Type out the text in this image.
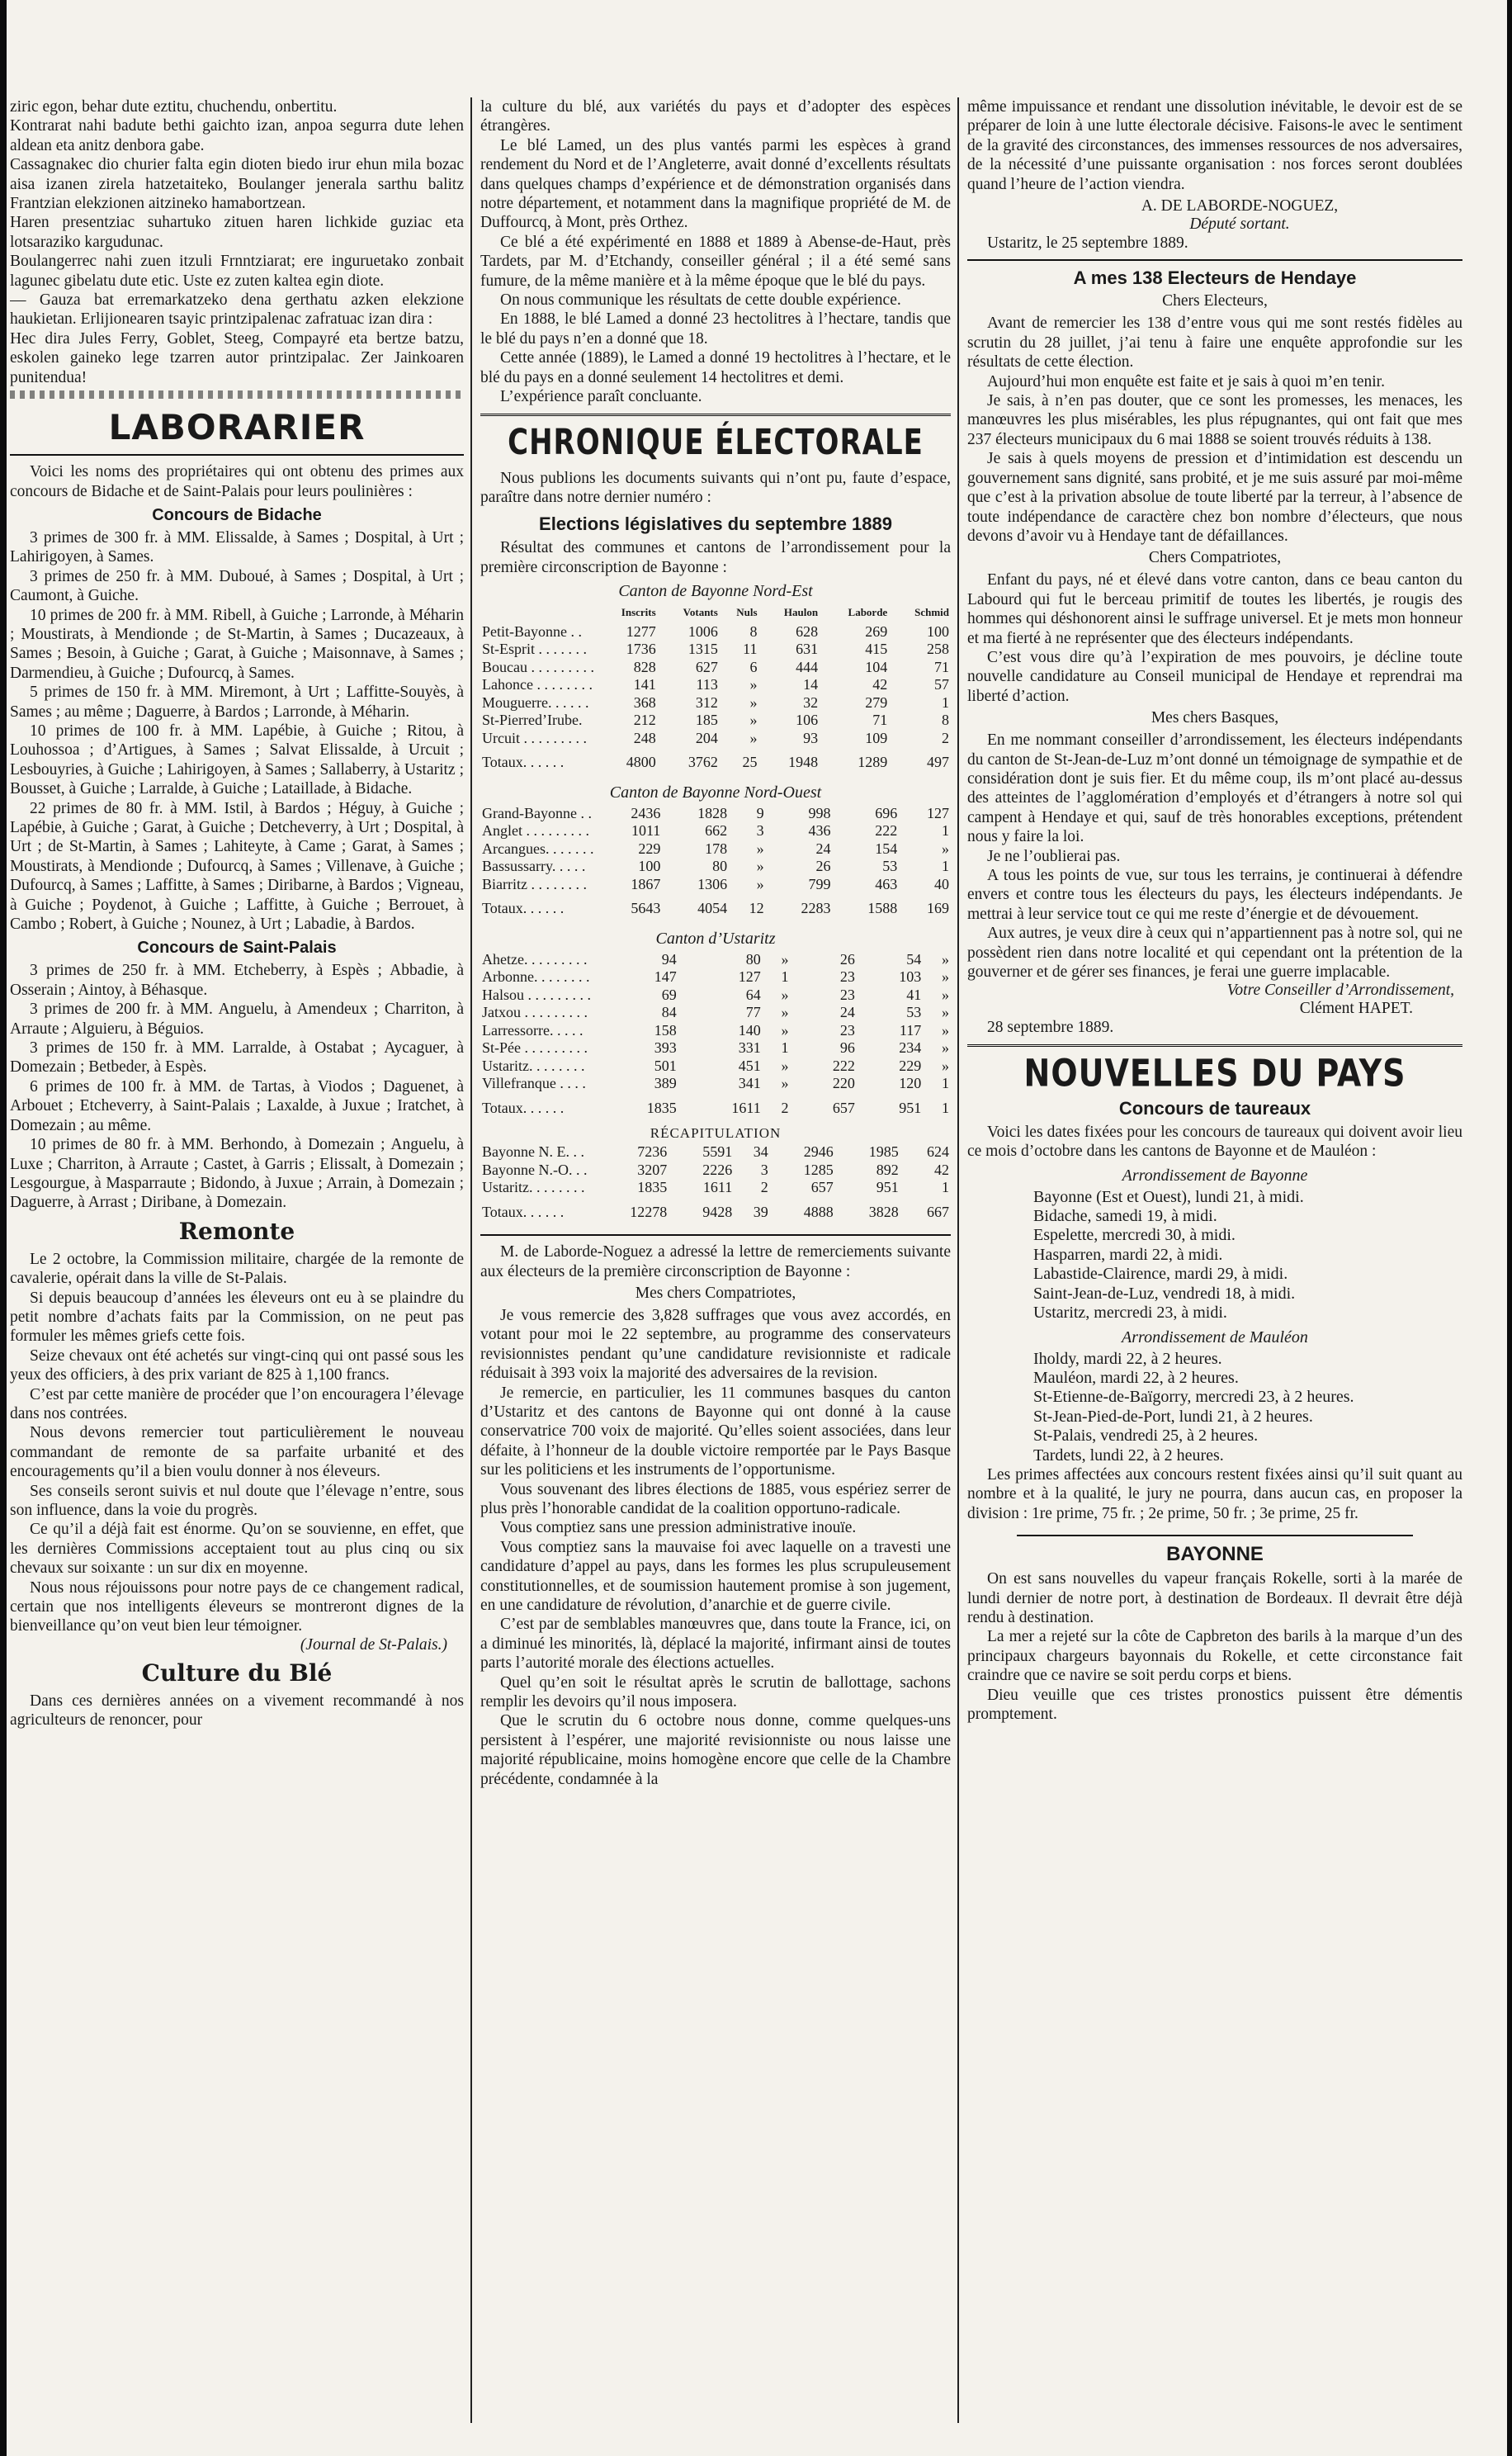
ziric egon, behar dute eztitu, chuchendu, onbertitu.

Kontrarat nahi badute bethi gaichto izan, anpoa segurra dute lehen aldean eta anitz denbora gabe.

Cassagnakec dio churier falta egin dioten biedo irur ehun mila bozac aisa izanen zirela hatzetaiteko, Boulanger jenerala sarthu balitz Frantzian elekzionen aitzineko hamabortzean.

Haren presentziac suhartuko zituen haren lichkide guziac eta lotsaraziko kargudunac.

Boulangerrec nahi zuen itzuli Frnntziarat; ere inguruetako zonbait lagunec gibelatu dute etic. Uste ez zuten kaltea egin diote.

— Gauza bat erremarkatzeko dena gerthatu azken elekzione haukietan. Erlijionearen tsayic printzipalenac zafratuac izan dira :

Hec dira Jules Ferry, Goblet, Steeg, Compayré eta bertze batzu, eskolen gaineko lege tzarren autor printzipalac. Zer Jainkoaren punitendua!

LABORARIER

Voici les noms des propriétaires qui ont obtenu des primes aux concours de Bidache et de Saint-Palais pour leurs poulinières :

Concours de Bidache

3 primes de 300 fr. à MM. Elissalde, à Sames ; Dospital, à Urt ; Lahirigoyen, à Sames.

3 primes de 250 fr. à MM. Duboué, à Sames ; Dospital, à Urt ; Caumont, à Guiche.

10 primes de 200 fr. à MM. Ribell, à Guiche ; Larronde, à Méharin ; Moustirats, à Mendionde ; de St-Martin, à Sames ; Ducazeaux, à Sames ; Besoin, à Guiche ; Garat, à Guiche ; Maisonnave, à Sames ; Darmendieu, à Guiche ; Dufourcq, à Sames.

5 primes de 150 fr. à MM. Miremont, à Urt ; Laffitte-Souyès, à Sames ; au même ; Daguerre, à Bardos ; Larronde, à Méharin.

10 primes de 100 fr. à MM. Lapébie, à Guiche ; Ritou, à Louhossoa ; d’Artigues, à Sames ; Salvat Elissalde, à Urcuit ; Lesbouyries, à Guiche ; Lahirigoyen, à Sames ; Sallaberry, à Ustaritz ; Bousset, à Guiche ; Larralde, à Guiche ; Lataillade, à Bidache.

22 primes de 80 fr. à MM. Istil, à Bardos ; Héguy, à Guiche ; Lapébie, à Guiche ; Garat, à Guiche ; Detcheverry, à Urt ; Dospital, à Urt ; de St-Martin, à Sames ; Lahiteyte, à Came ; Garat, à Sames ; Moustirats, à Mendionde ; Dufourcq, à Sames ; Villenave, à Guiche ; Dufourcq, à Sames ; Laffitte, à Sames ; Diribarne, à Bardos ; Vigneau, à Guiche ; Poydenot, à Guiche ; Laffitte, à Guiche ; Berrouet, à Cambo ; Robert, à Guiche ; Nounez, à Urt ; Labadie, à Bardos.

Concours de Saint-Palais

3 primes de 250 fr. à MM. Etcheberry, à Espès ; Abbadie, à Osserain ; Aintoy, à Béhasque.

3 primes de 200 fr. à MM. Anguelu, à Amendeux ; Charriton, à Arraute ; Alguieru, à Béguios.

3 primes de 150 fr. à MM. Larralde, à Ostabat ; Aycaguer, à Domezain ; Betbeder, à Espès.

6 primes de 100 fr. à MM. de Tartas, à Viodos ; Daguenet, à Arbouet ; Etcheverry, à Saint-Palais ; Laxalde, à Juxue ; Iratchet, à Domezain ; au même.

10 primes de 80 fr. à MM. Berhondo, à Domezain ; Anguelu, à Luxe ; Charriton, à Arraute ; Castet, à Garris ; Elissalt, à Domezain ; Lesgourgue, à Masparraute ; Bidondo, à Juxue ; Arrain, à Domezain ; Daguerre, à Arrast ; Diribane, à Domezain.

Remonte

Le 2 octobre, la Commission militaire, chargée de la remonte de cavalerie, opérait dans la ville de St-Palais.

Si depuis beaucoup d’années les éleveurs ont eu à se plaindre du petit nombre d’achats faits par la Commission, on ne peut pas formuler les mêmes griefs cette fois.

Seize chevaux ont été achetés sur vingt-cinq qui ont passé sous les yeux des officiers, à des prix variant de 825 à 1,100 francs.

C’est par cette manière de procéder que l’on encouragera l’élevage dans nos contrées.

Nous devons remercier tout particulièrement le nouveau commandant de remonte de sa parfaite urbanité et des encouragements qu’il a bien voulu donner à nos éleveurs.

Ses conseils seront suivis et nul doute que l’élevage n’entre, sous son influence, dans la voie du progrès.

Ce qu’il a déjà fait est énorme. Qu’on se souvienne, en effet, que les dernières Commissions acceptaient tout au plus cinq ou six chevaux sur soixante : un sur dix en moyenne.

Nous nous réjouissons pour notre pays de ce changement radical, certain que nos intelligents éleveurs se montreront dignes de la bienveillance qu’on veut bien leur témoigner.

(Journal de St-Palais.)
Culture du Blé

Dans ces dernières années on a vivement recommandé à nos agriculteurs de renoncer, pour

la culture du blé, aux variétés du pays et d’adopter des espèces étrangères.

Le blé Lamed, un des plus vantés parmi les espèces à grand rendement du Nord et de l’Angleterre, avait donné d’excellents résultats dans quelques champs d’expérience et de démonstration organisés dans notre département, et notamment dans la magnifique propriété de M. de Duffourcq, à Mont, près Orthez.

Ce blé a été expérimenté en 1888 et 1889 à Abense-de-Haut, près Tardets, par M. d’Etchandy, conseiller général ; il a été semé sans fumure, de la même manière et à la même époque que le blé du pays.

On nous communique les résultats de cette double expérience.

En 1888, le blé Lamed a donné 23 hectolitres à l’hectare, tandis que le blé du pays n’en a donné que 18.

Cette année (1889), le Lamed a donné 19 hectolitres à l’hectare, et le blé du pays en a donné seulement 14 hectolitres et demi.

L’expérience paraît concluante.

CHRONIQUE ÉLECTORALE

Nous publions les documents suivants qui n’ont pu, faute d’espace, paraître dans notre dernier numéro :

Elections législatives du septembre 1889

Résultat des communes et cantons de l’arrondissement pour la première circonscription de Bayonne :

Canton de Bayonne Nord-Est
	Inscrits	Votants	Nuls	Haulon	Laborde	Schmid
Petit-Bayonne . .	1277	1006	8	628	269	100
St-Esprit . . . . . . .	1736	1315	11	631	415	258
Boucau . . . . . . . . .	828	627	6	444	104	71
Lahonce . . . . . . . .	141	113	»	14	42	57
Mouguerre. . . . . .	368	312	»	32	279	1
St-Pierred’Irube.	212	185	»	106	71	8
Urcuit . . . . . . . . .	248	204	»	93	109	2
Totaux. . . . . .	4800	3762	25	1948	1289	497
Canton de Bayonne Nord-Ouest
Grand-Bayonne . .	2436	1828	9	998	696	127
Anglet . . . . . . . . .	1011	662	3	436	222	1
Arcangues. . . . . . .	229	178	»	24	154	»
Bassussarry. . . . .	100	80	»	26	53	1
Biarritz . . . . . . . .	1867	1306	»	799	463	40
Totaux. . . . . .	5643	4054	12	2283	1588	169
Canton d’Ustaritz
Ahetze. . . . . . . . .	94	80	»	26	54	»
Arbonne. . . . . . . .	147	127	1	23	103	»
Halsou . . . . . . . . .	69	64	»	23	41	»
Jatxou . . . . . . . . .	84	77	»	24	53	»
Larressorre. . . . .	158	140	»	23	117	»
St-Pée . . . . . . . . .	393	331	1	96	234	»
Ustaritz. . . . . . . .	501	451	»	222	229	»
Villefranque . . . .	389	341	»	220	120	1
Totaux. . . . . .	1835	1611	2	657	951	1
RÉCAPITULATION
Bayonne N. E. . .	7236	5591	34	2946	1985	624
Bayonne N.-O. . .	3207	2226	3	1285	892	42
Ustaritz. . . . . . . .	1835	1611	2	657	951	1
Totaux. . . . . .	12278	9428	39	4888	3828	667

M. de Laborde-Noguez a adressé la lettre de remerciements suivante aux électeurs de la première circonscription de Bayonne :

Mes chers Compatriotes,

Je vous remercie des 3,828 suffrages que vous avez accordés, en votant pour moi le 22 septembre, au programme des conservateurs revisionnistes pendant qu’une candidature revisionniste et radicale réduisait à 393 voix la majorité des adversaires de la revision.

Je remercie, en particulier, les 11 communes basques du canton d’Ustaritz et des cantons de Bayonne qui ont donné à la cause conservatrice 700 voix de majorité. Qu’elles soient associées, dans leur défaite, à l’honneur de la double victoire remportée par le Pays Basque sur les politiciens et les instruments de l’opportunisme.

Vous souvenant des libres élections de 1885, vous espériez serrer de plus près l’honorable candidat de la coalition opportuno-radicale.

Vous comptiez sans une pression administrative inouïe.

Vous comptiez sans la mauvaise foi avec laquelle on a travesti une candidature d’appel au pays, dans les formes les plus scrupuleusement constitutionnelles, et de soumission hautement promise à son jugement, en une candidature de révolution, d’anarchie et de guerre civile.

C’est par de semblables manœuvres que, dans toute la France, ici, on a diminué les minorités, là, déplacé la majorité, infirmant ainsi de toutes parts l’autorité morale des élections actuelles.

Quel qu’en soit le résultat après le scrutin de ballottage, sachons remplir les devoirs qu’il nous imposera.

Que le scrutin du 6 octobre nous donne, comme quelques-uns persistent à l’espérer, une majorité revisionniste ou nous laisse une majorité républicaine, moins homogène encore que celle de la Chambre précédente, condamnée à la

même impuissance et rendant une dissolution inévitable, le devoir est de se préparer de loin à une lutte électorale décisive. Faisons-le avec le sentiment de la gravité des circonstances, des immenses ressources de nos adversaires, de la nécessité d’une puissante organisation : nos forces seront doublées quand l’heure de l’action viendra.

A. DE LABORDE-NOGUEZ,
Député sortant.

Ustaritz, le 25 septembre 1889.

A mes 138 Electeurs de Hendaye
Chers Electeurs,

Avant de remercier les 138 d’entre vous qui me sont restés fidèles au scrutin du 28 juillet, j’ai tenu à faire une enquête approfondie sur les résultats de cette élection.

Aujourd’hui mon enquête est faite et je sais à quoi m’en tenir.

Je sais, à n’en pas douter, que ce sont les promesses, les menaces, les manœuvres les plus misérables, les plus répugnantes, qui ont fait que mes 237 électeurs municipaux du 6 mai 1888 se soient trouvés réduits à 138.

Je sais à quels moyens de pression et d’intimidation est descendu un gouvernement sans dignité, sans probité, et je me suis assuré par moi-même que c’est à la privation absolue de toute liberté par la terreur, à l’absence de toute indépendance de caractère chez bon nombre d’électeurs, que nous devons d’avoir vu à Hendaye tant de défaillances.

Chers Compatriotes,

Enfant du pays, né et élevé dans votre canton, dans ce beau canton du Labourd qui fut le berceau primitif de toutes les libertés, je rougis des hommes qui déshonorent ainsi le suffrage universel. Et je mets mon honneur et ma fierté à ne représenter que des électeurs indépendants.

C’est vous dire qu’à l’expiration de mes pouvoirs, je décline toute nouvelle candidature au Conseil municipal de Hendaye et reprendrai ma liberté d’action.

Mes chers Basques,

En me nommant conseiller d’arrondissement, les électeurs indépendants du canton de St-Jean-de-Luz m’ont donné un témoignage de sympathie et de considération dont je suis fier. Et du même coup, ils m’ont placé au-dessus des atteintes de l’agglomération d’employés et d’étrangers à notre sol qui campent à Hendaye et qui, sauf de très honorables exceptions, prétendent nous y faire la loi.

Je ne l’oublierai pas.

A tous les points de vue, sur tous les terrains, je continuerai à défendre envers et contre tous les électeurs du pays, les électeurs indépendants. Je mettrai à leur service tout ce qui me reste d’énergie et de dévouement.

Aux autres, je veux dire à ceux qui n’appartiennent pas à notre sol, qui ne possèdent rien dans notre localité et qui cependant ont la prétention de la gouverner et de gérer ses finances, je ferai une guerre implacable.

Votre Conseiller d’Arrondissement,
Clément HAPET.

28 septembre 1889.

NOUVELLES DU PAYS
Concours de taureaux

Voici les dates fixées pour les concours de taureaux qui doivent avoir lieu ce mois d’octobre dans les cantons de Bayonne et de Mauléon :

Arrondissement de Bayonne
Bayonne (Est et Ouest), lundi 21, à midi.
Bidache, samedi 19, à midi.
Espelette, mercredi 30, à midi.
Hasparren, mardi 22, à midi.
Labastide-Clairence, mardi 29, à midi.
Saint-Jean-de-Luz, vendredi 18, à midi.
Ustaritz, mercredi 23, à midi.
Arrondissement de Mauléon
Iholdy, mardi 22, à 2 heures.
Mauléon, mardi 22, à 2 heures.
St-Etienne-de-Baïgorry, mercredi 23, à 2 heures.
St-Jean-Pied-de-Port, lundi 21, à 2 heures.
St-Palais, vendredi 25, à 2 heures.
Tardets, lundi 22, à 2 heures.

Les primes affectées aux concours restent fixées ainsi qu’il suit quant au nombre et à la qualité, le jury ne pourra, dans aucun cas, en proposer la division : 1re prime, 75 fr. ; 2e prime, 50 fr. ; 3e prime, 25 fr.

BAYONNE

On est sans nouvelles du vapeur français Rokelle, sorti à la marée de lundi dernier de notre port, à destination de Bordeaux. Il devrait être déjà rendu à destination.

La mer a rejeté sur la côte de Capbreton des barils à la marque d’un des principaux chargeurs bayonnais du Rokelle, et cette circonstance fait craindre que ce navire se soit perdu corps et biens.

Dieu veuille que ces tristes pronostics puissent être démentis promptement.
